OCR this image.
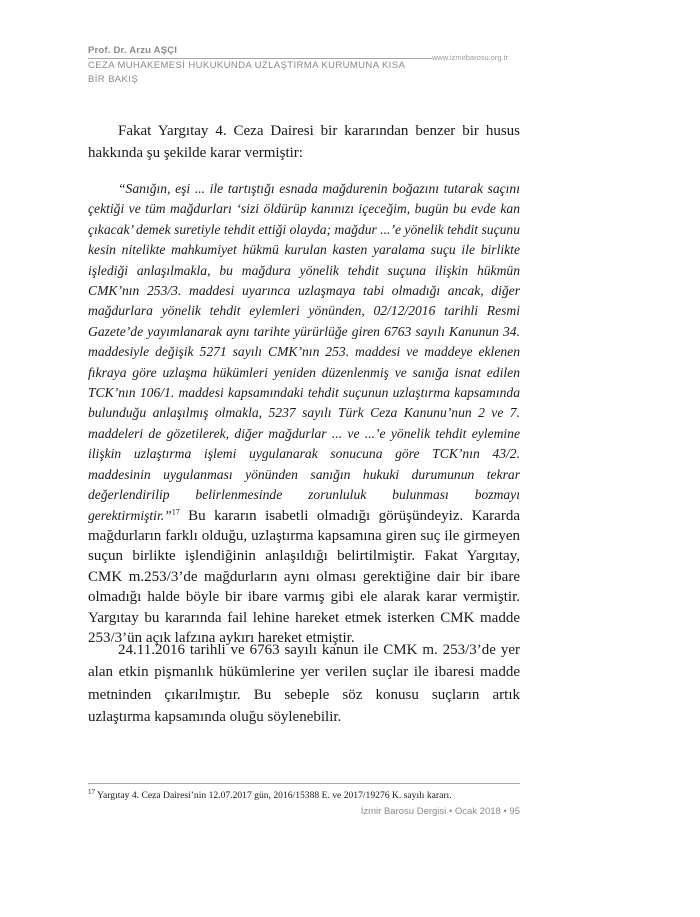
Prof. Dr. Arzu AŞÇI
CEZA MUHAKEMESİ HUKUKUNDA UZLAŞTIRMA KURUMUNA KISA BİR BAKIŞ
www.izmirbarosu.org.tr
Fakat Yargıtay 4. Ceza Dairesi bir kararından benzer bir husus hakkında şu şekilde karar vermiştir:
“Sanığın, eşi ... ile tartıştığı esnada mağdurenin boğazını tutarak saçını çektiği ve tüm mağdurları ‘sizi öldürüp kanınızı içeceğim, bugün bu evde kan çıkacak’ demek suretiyle tehdit ettiği olayda; mağdur ...’e yönelik tehdit suçunu kesin nitelikte mahkumiyet hükmü kurulan kasten yaralama suçu ile birlikte işlediği anlaşılmakla, bu mağdura yönelik tehdit suçuna ilişkin hükmün CMK’nın 253/3. maddesi uyarınca uzlaşmaya tabi olmadığı ancak, diğer mağdurlara yönelik tehdit eylemleri yönünden, 02/12/2016 tarihli Resmi Gazete’de yayımlanarak aynı tarihte yürürlüğe giren 6763 sayılı Kanunun 34. maddesiyle değişik 5271 sayılı CMK’nın 253. maddesi ve maddeye eklenen fıkraya göre uzlaşma hükümleri yeniden düzenlenmiş ve sanığa isnat edilen TCK’nın 106/1. maddesi kapsamındaki tehdit suçunun uzlaştırma kapsamında bulunduğu anlaşılmış olmakla, 5237 sayılı Türk Ceza Kanunu’nun 2 ve 7. maddeleri de gözetilerek, diğer mağdurlar ... ve ...’e yönelik tehdit eylemine ilişkin uzlaştırma işlemi uygulanarak sonucuna göre TCK’nın 43/2. maddesinin uygulanması yönünden sanığın hukuki durumunun tekrar değerlendirilip belirlenmesinde zorunluluk bulunması bozmayı gerektirmiştir.”$^{17}$ Bu kararın isabetli olmadığı görüşündeyiz. Kararda mağdurların farklı olduğu, uzlaştırma kapsamına giren suç ile girmeyen suçun birlikte işlendiğinin anlaşıldığı belirtilmiştir. Fakat Yargıtay, CMK m.253/3’de mağdurların aynı olması gerektiğine dair bir ibare olmadığı halde böyle bir ibare varmış gibi ele alarak karar vermiştir. Yargıtay bu kararında fail lehine hareket etmek isterken CMK madde 253/3’ün açık lafzına aykırı hareket etmiştir.
24.11.2016 tarihli ve 6763 sayılı kanun ile CMK m. 253/3’de yer alan etkin pişmanlık hükümlerine yer verilen suçlar ile ibaresi madde metninden çıkarılmıştır. Bu sebeple söz konusu suçların artık uzlaştırma kapsamında oluğu söylenebilir.
$^{17}$ Yargıtay 4. Ceza Dairesi’nin 12.07.2017 gün, 2016/15388 E. ve 2017/19276 K. sayılı kararı.
İzmir Barosu Dergisi • Ocak 2018 • 95
